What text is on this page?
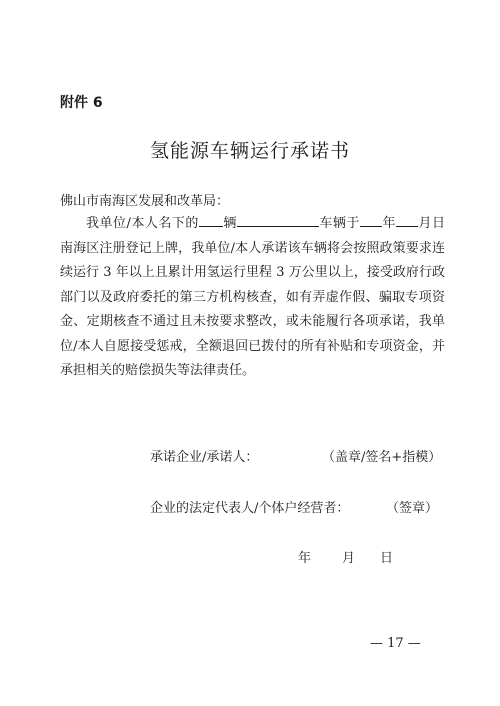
附件 6
氢能源车辆运行承诺书
佛山市南海区发展和改革局：
我单位/本人名下的 辆	车辆于 年 月日南海区注册登记上牌，我单位/本人承诺该车辆将会按照政策要求连续运行 3 年以上且累计用氢运行里程 3 万公里以上，接受政府行政部门以及政府委托的第三方机构核查，如有弄虚作假、骗取专项资金、定期核查不通过且未按要求整改，或未能履行各项承诺，我单位/本人自愿接受惩戒，全额退回已拨付的所有补贴和专项资金，并承担相关的赔偿损失等法律责任。
承诺企业/承诺人：	（盖章/签名+指模）
企业的法定代表人/个体户经营者：	（签章）
年 月 日
— 17 —
